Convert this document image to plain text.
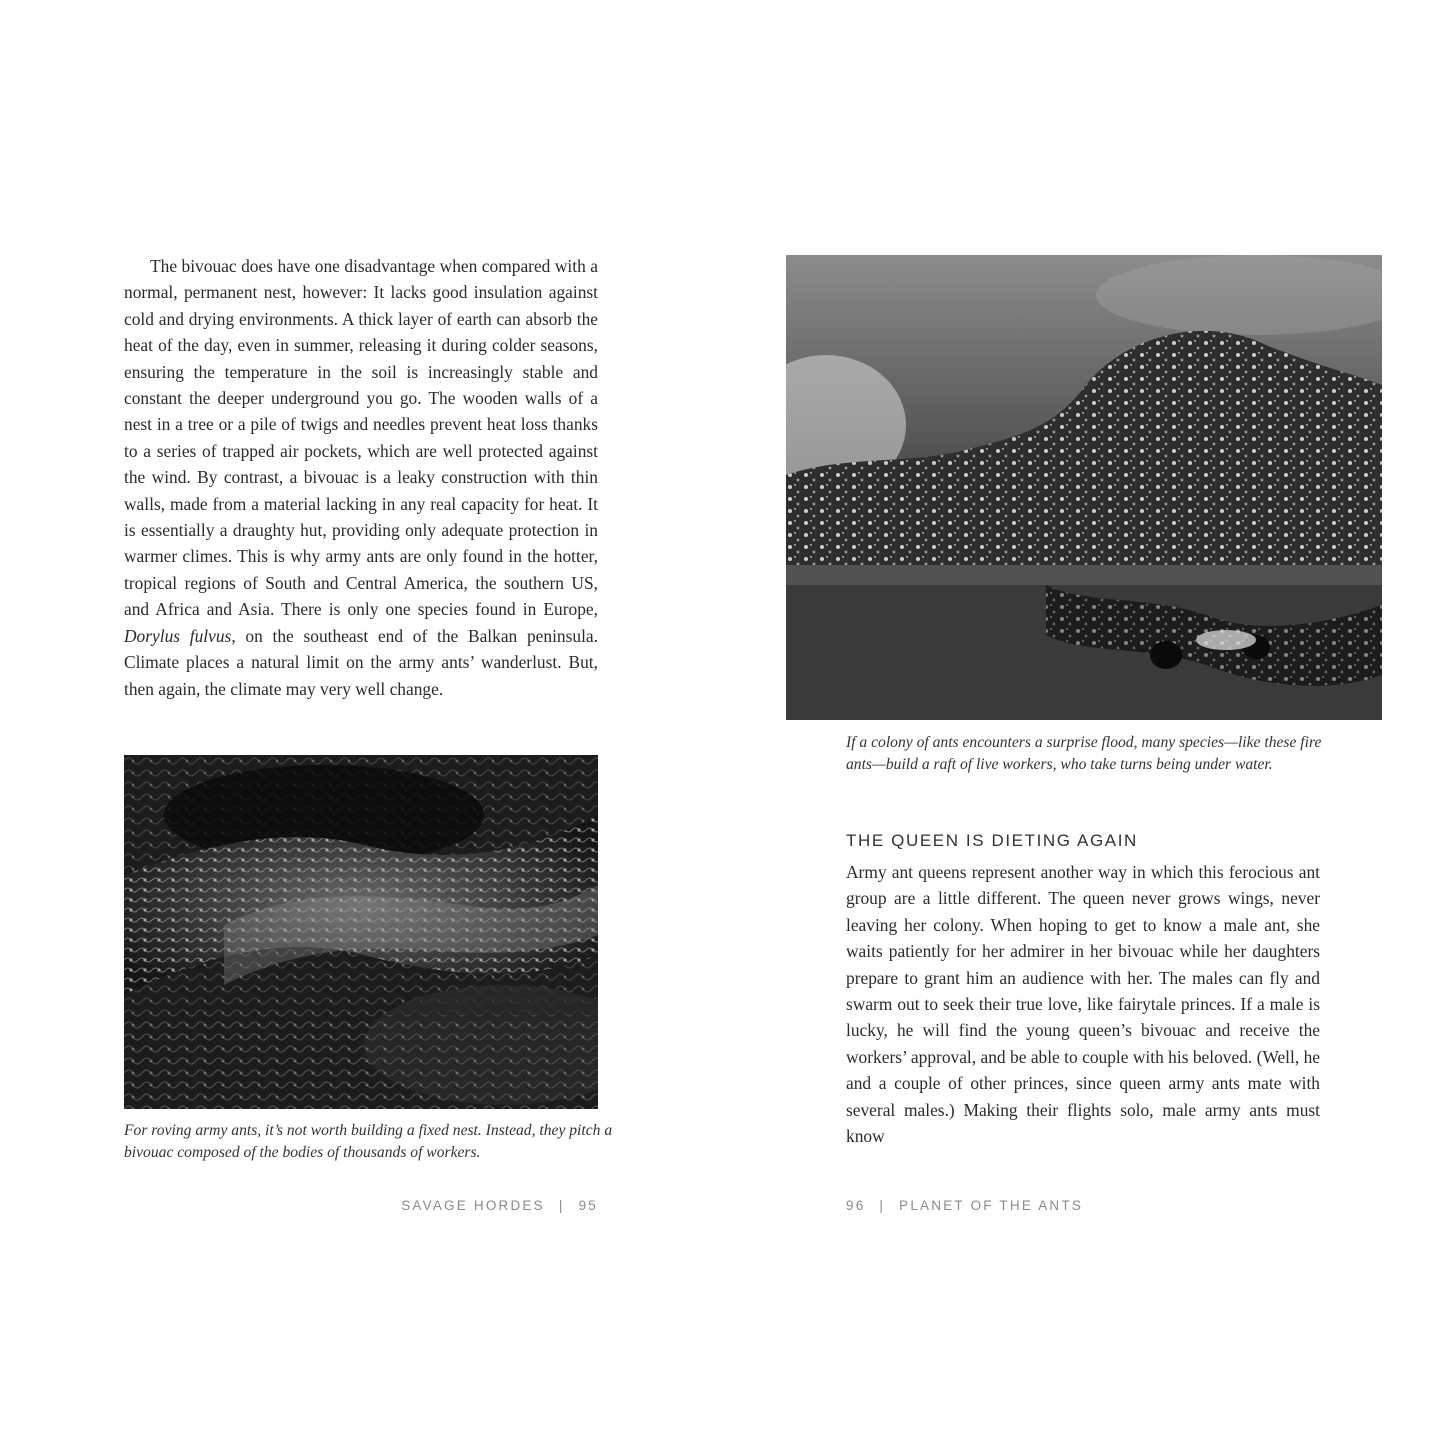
The bivouac does have one disadvantage when compared with a normal, permanent nest, however: It lacks good insulation against cold and drying environments. A thick layer of earth can absorb the heat of the day, even in summer, releasing it during colder seasons, ensuring the temperature in the soil is increasingly stable and constant the deeper underground you go. The wooden walls of a nest in a tree or a pile of twigs and needles prevent heat loss thanks to a series of trapped air pockets, which are well protected against the wind. By contrast, a bivouac is a leaky construction with thin walls, made from a material lacking in any real capacity for heat. It is essentially a draughty hut, providing only adequate protection in warmer climes. This is why army ants are only found in the hotter, tropical regions of South and Central America, the southern US, and Africa and Asia. There is only one species found in Europe, Dorylus fulvus, on the southeast end of the Balkan peninsula. Climate places a natural limit on the army ants’ wanderlust. But, then again, the climate may very well change.

For roving army ants, it’s not worth building a fixed nest. Instead, they pitch a bivouac composed of the bodies of thousands of workers.
SAVAGE HORDES | 95
If a colony of ants encounters a surprise flood, many species—like these fire ants—build a raft of live workers, who take turns being under water.
THE QUEEN IS DIETING AGAIN

Army ant queens represent another way in which this ferocious ant group are a little different. The queen never grows wings, never leaving her colony. When hoping to get to know a male ant, she waits patiently for her admirer in her bivouac while her daughters prepare to grant him an audience with her. The males can fly and swarm out to seek their true love, like fairytale princes. If a male is lucky, he will find the young queen’s bivouac and receive the workers’ approval, and be able to couple with his beloved. (Well, he and a couple of other princes, since queen army ants mate with several males.) Making their flights solo, male army ants must know

96 | PLANET OF THE ANTS
